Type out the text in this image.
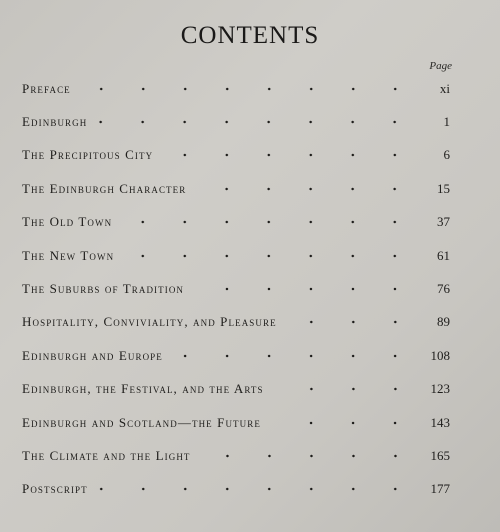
CONTENTS
Page
Preface	xi
Edinburgh	1
The Precipitous City	6
The Edinburgh Character	15
The Old Town	37
The New Town	61
The Suburbs of Tradition	76
Hospitality, Conviviality, and Pleasure	89
Edinburgh and Europe	108
Edinburgh, the Festival, and the Arts	123
Edinburgh and Scotland—the Future	143
The Climate and the Light	165
Postscript	177
